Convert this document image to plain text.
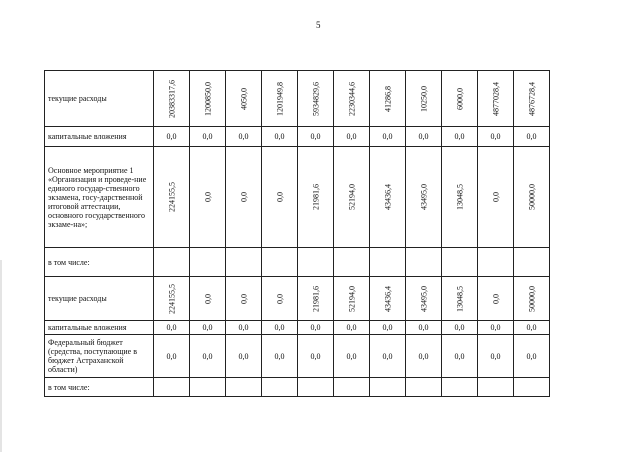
5
текущие расходы	20383317,6	1200850,0	4050,0	1201949,8	5934829,6	2230344,6	41286,8	10250,0	6000,0	4877028,4	4876728,4

капитальные вложения	0,0	0,0	0,0	0,0	0,0	0,0	0,0	0,0	0,0	0,0	0,0
Основное мероприятие 1 «Организация и проведе-ние единого государ-ственного экзамена, госу-дарственной итоговой аттестации, основного государственного экзаме-на»;	224155,5	0,0	0,0	0,0	21981,6	52194,0	43436,4	43495,0	13048,5	0,0	50000,0

в том числе:											
текущие расходы	224155,5	0,0	0,0	0,0	21981,6	52194,0	43436,4	43495,0	13048,5	0,0	50000,0

капитальные вложения	0,0	0,0	0,0	0,0	0,0	0,0	0,0	0,0	0,0	0,0	0,0
Федеральный бюджет (средства, поступающие в бюджет Астраханской области)	0,0	0,0	0,0	0,0	0,0	0,0	0,0	0,0	0,0	0,0	0,0
в том числе:											
